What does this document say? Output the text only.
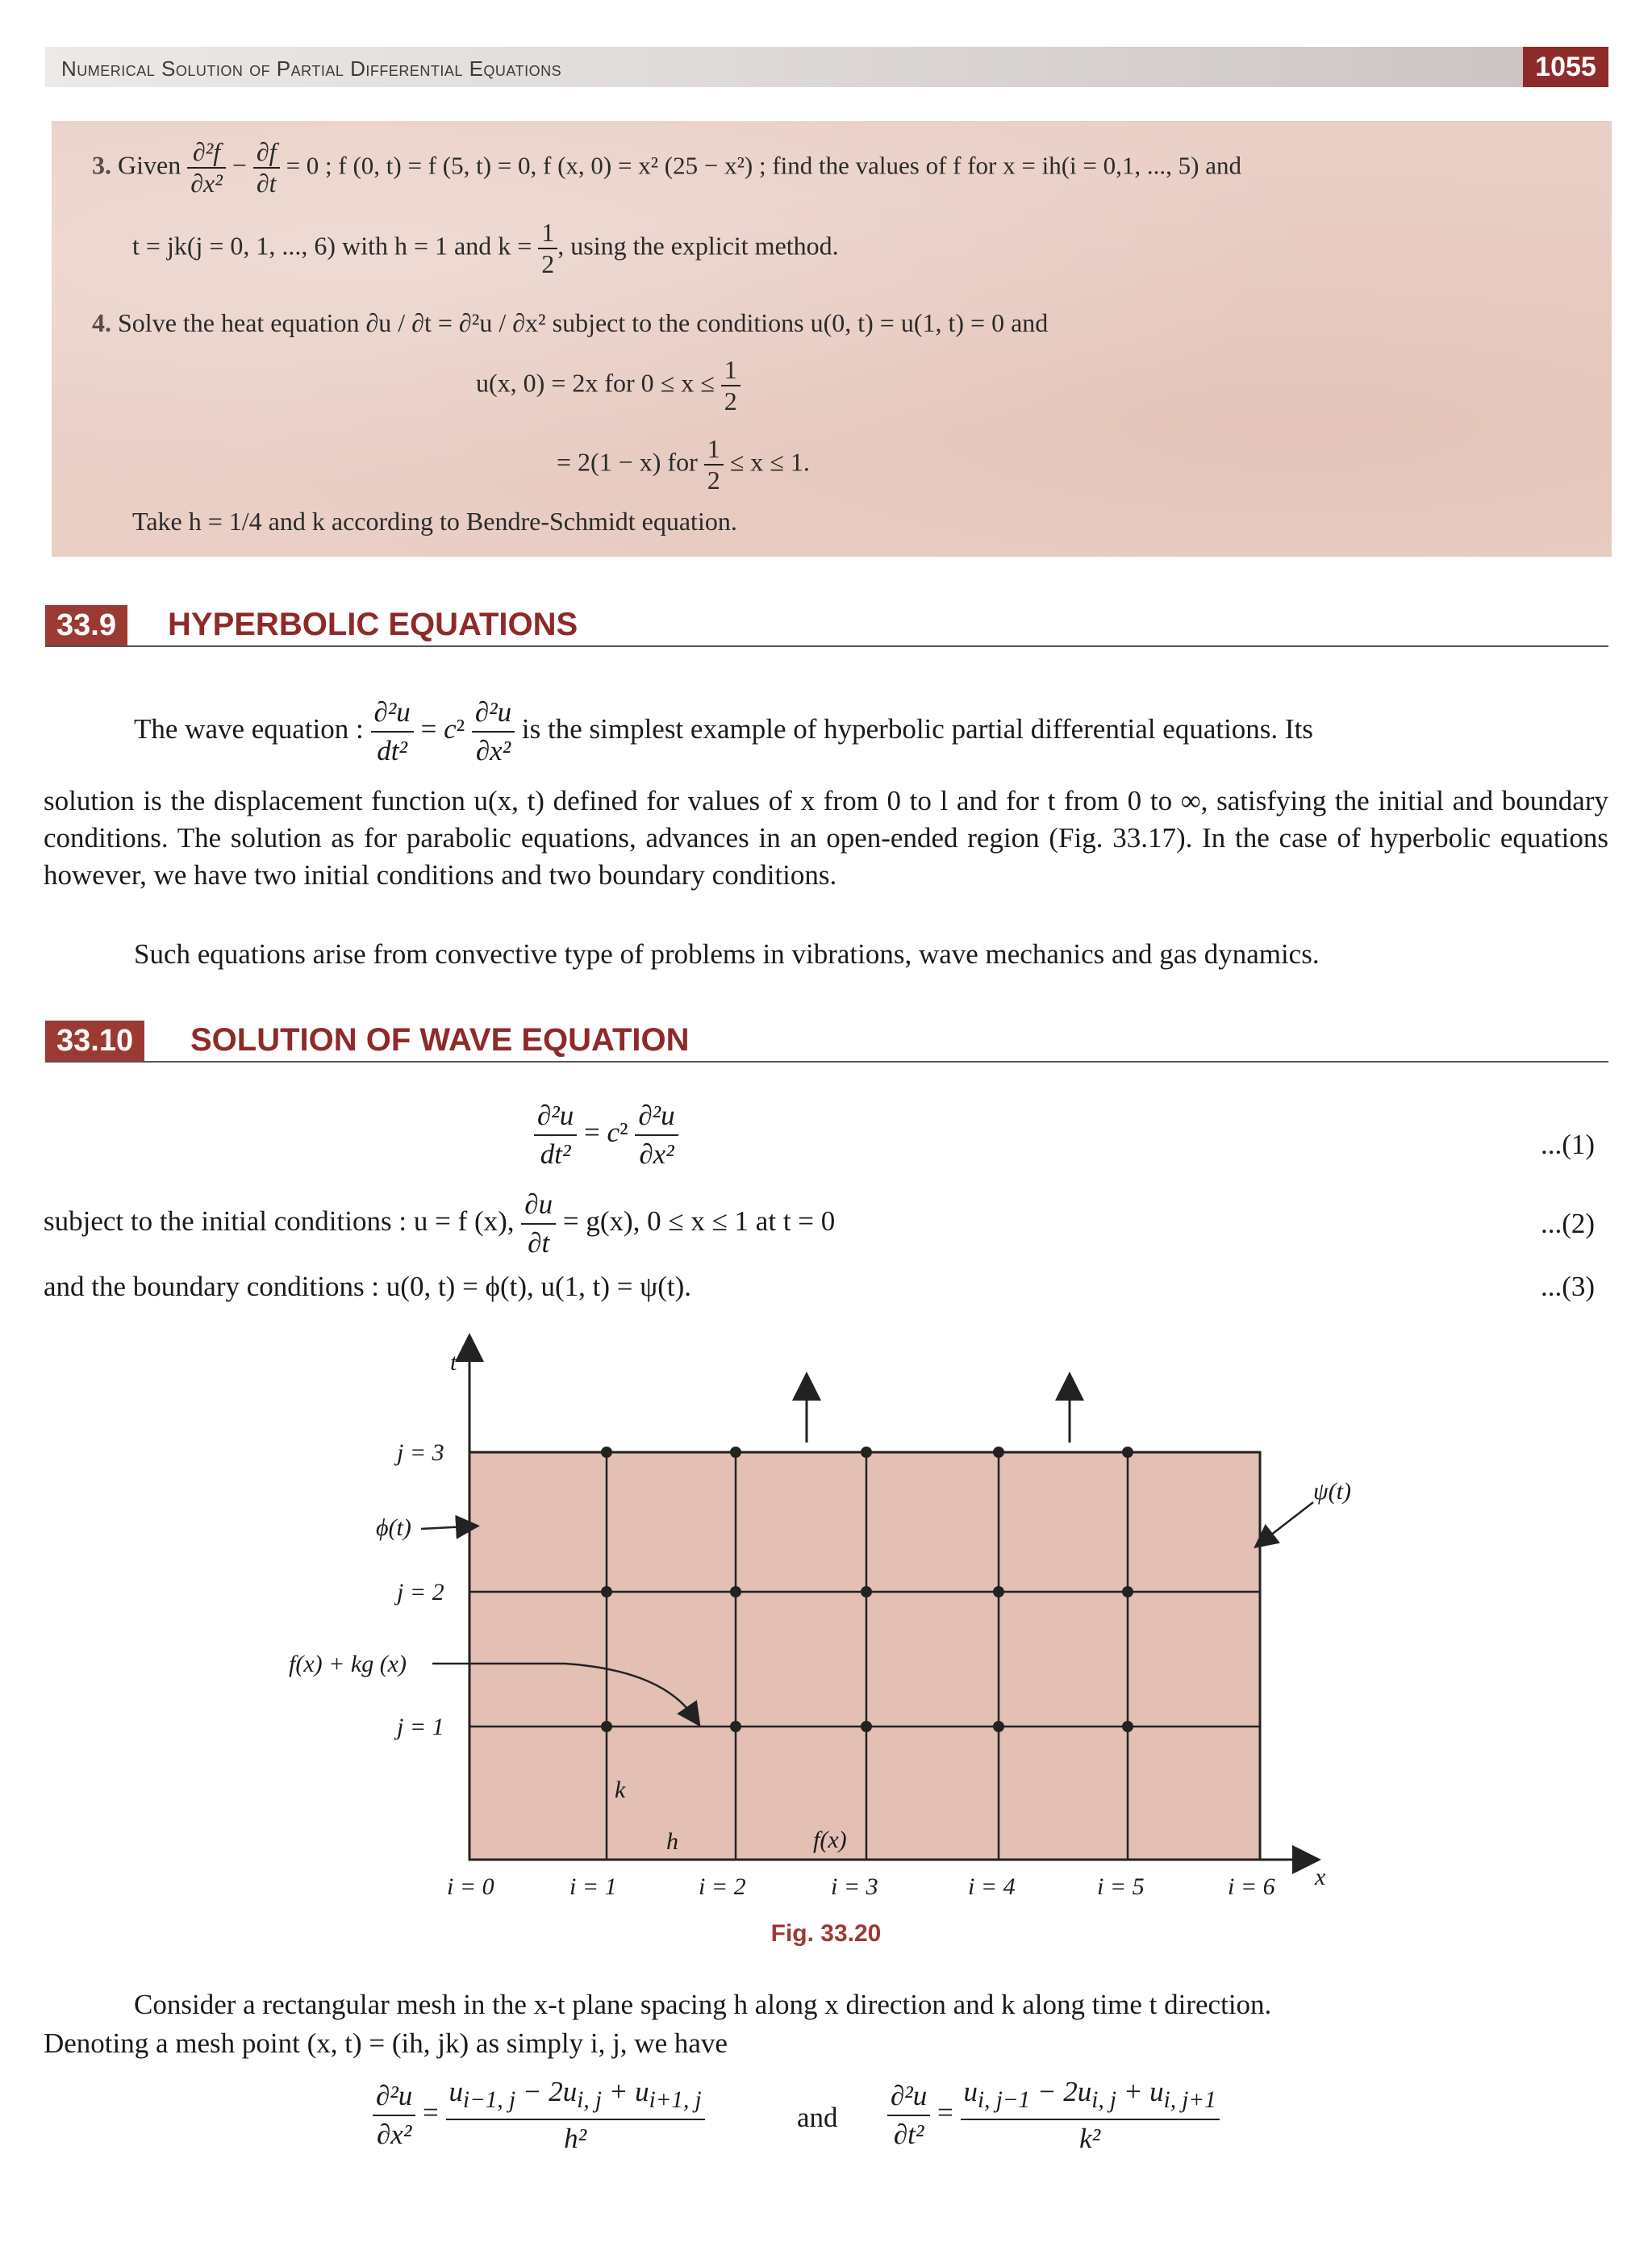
Numerical Solution of Partial Differential Equations	1055
3. Given $\frac{\text{∂²f}}{\text{∂x²}} - \frac{\partial f}{\partial t} = 0$ ; f (0, t) = f (5, t) = 0, f (x, 0) = x² (25 − x²) ; find the values of f for x = ih(i = 0,1, ..., 5) and
t = jk(j = 0, 1, ..., 6) with h = 1 and $k = \frac{1}{2}$ , using the explicit method.
4. Solve the heat equation ∂u / ∂t = ∂²u / ∂x² subject to the conditions u(0, t) = u(1, t) = 0 and
u(x, 0) = 2x for $0 \le x \le \frac{1}{2}$
= 2(1 − x) for $\frac{1}{2} \le x \le 1$.
Take h = 1/4 and k according to Bendre-Schmidt equation.
33.9	HYPERBOLIC EQUATIONS
The wave equation : $\frac{\text{∂²u}}{\text{dt²}} = c^2 \frac{\text{∂²u}}{\text{∂x²}}$ is the simplest example of hyperbolic partial differential equations. Its
solution is the displacement function u(x, t) defined for values of x from 0 to l and for t from 0 to ∞, satisfying the initial and boundary conditions. The solution as for parabolic equations, advances in an open-ended region (Fig. 33.17). In the case of hyperbolic equations however, we have two initial conditions and two boundary conditions.
Such equations arise from convective type of problems in vibrations, wave mechanics and gas dynamics.
33.10	SOLUTION OF WAVE EQUATION
$\frac{\text{∂²u}}{\text{dt²}} = c^2 \frac{\text{∂²u}}{\text{∂x²}}$	...(1)
subject to the initial conditions : u = f (x), $\frac{\partial u}{\partial t} = g(x)$, 0 ≤ x ≤ 1 at t = 0	...(2)
and the boundary conditions : u(0, t) = ϕ(t), u(1, t) = ψ(t).	...(3)
t
x
j = 3
j = 2
j = 1
ϕ(t)
ψ(t)
f(x) + kg (x)
k
h	f(x)
i = 0	i = 1	i = 2	i = 3	i = 4	i = 5	i = 6
Fig. 33.20
Consider a rectangular mesh in the x-t plane spacing h along x direction and k along time t direction.
Denoting a mesh point (x, t) = (ih, jk) as simply i, j, we have
$\frac{\text{∂²u}}{\text{∂x²}} = \frac{u_{i-1, j} - 2u_{i, j} + u_{i+1, j}}{\text{h²}}$	and $\frac{\text{∂²u}}{\text{∂t²}} = \frac{u_{i, j-1} - 2u_{i, j} + u_{i, j+1}}{\text{k²}}$
